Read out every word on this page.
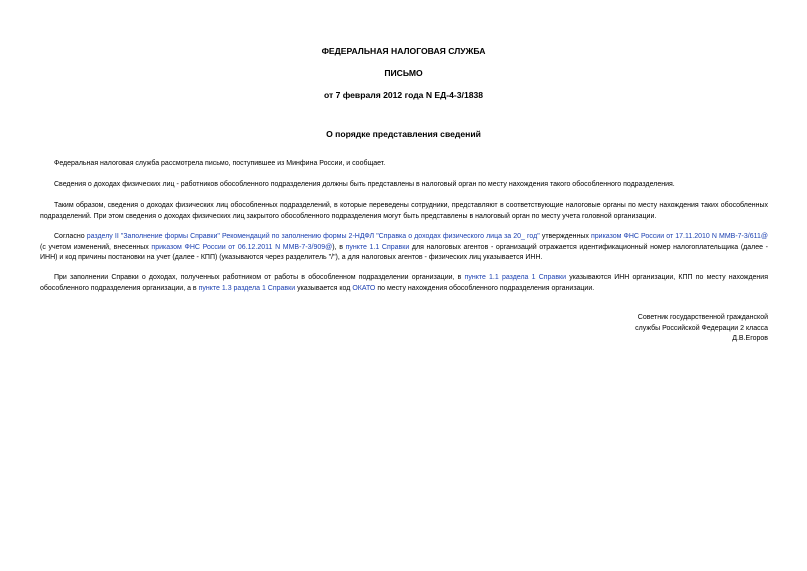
ФЕДЕРАЛЬНАЯ НАЛОГОВАЯ СЛУЖБА
ПИСЬМО
от 7 февраля 2012 года N ЕД-4-3/1838
О порядке представления сведений

Федеральная налоговая служба рассмотрела письмо, поступившее из Минфина России, и сообщает.

Сведения о доходах физических лиц - работников обособленного подразделения должны быть представлены в налоговый орган по месту нахождения такого обособленного подразделения.

Таким образом, сведения о доходах физических лиц обособленных подразделений, в которые переведены сотрудники, представляют в соответствующие налоговые органы по месту нахождения таких обособленных подразделений. При этом сведения о доходах физических лиц закрытого обособленного подразделения могут быть представлены в налоговый орган по месту учета головной организации.

Согласно разделу II "Заполнение формы Справки" Рекомендаций по заполнению формы 2-НДФЛ "Справка о доходах физического лица за 20_ год" утвержденных приказом ФНС России от 17.11.2010 N ММВ-7-3/611@ (с учетом изменений, внесенных приказом ФНС России от 06.12.2011 N ММВ-7-3/909@), в пункте 1.1 Справки для налоговых агентов - организаций отражается идентификационный номер налогоплательщика (далее - ИНН) и код причины постановки на учет (далее - КПП) (указываются через разделитель "/"), а для налоговых агентов - физических лиц указывается ИНН.

При заполнении Справки о доходах, полученных работником от работы в обособленном подразделении организации, в пункте 1.1 раздела 1 Справки указываются ИНН организации, КПП по месту нахождения обособленного подразделения организации, а в пункте 1.3 раздела 1 Справки указывается код ОКАТО по месту нахождения обособленного подразделения организации.

Советник государственной гражданской
службы Российской Федерации 2 класса
Д.В.Егоров
